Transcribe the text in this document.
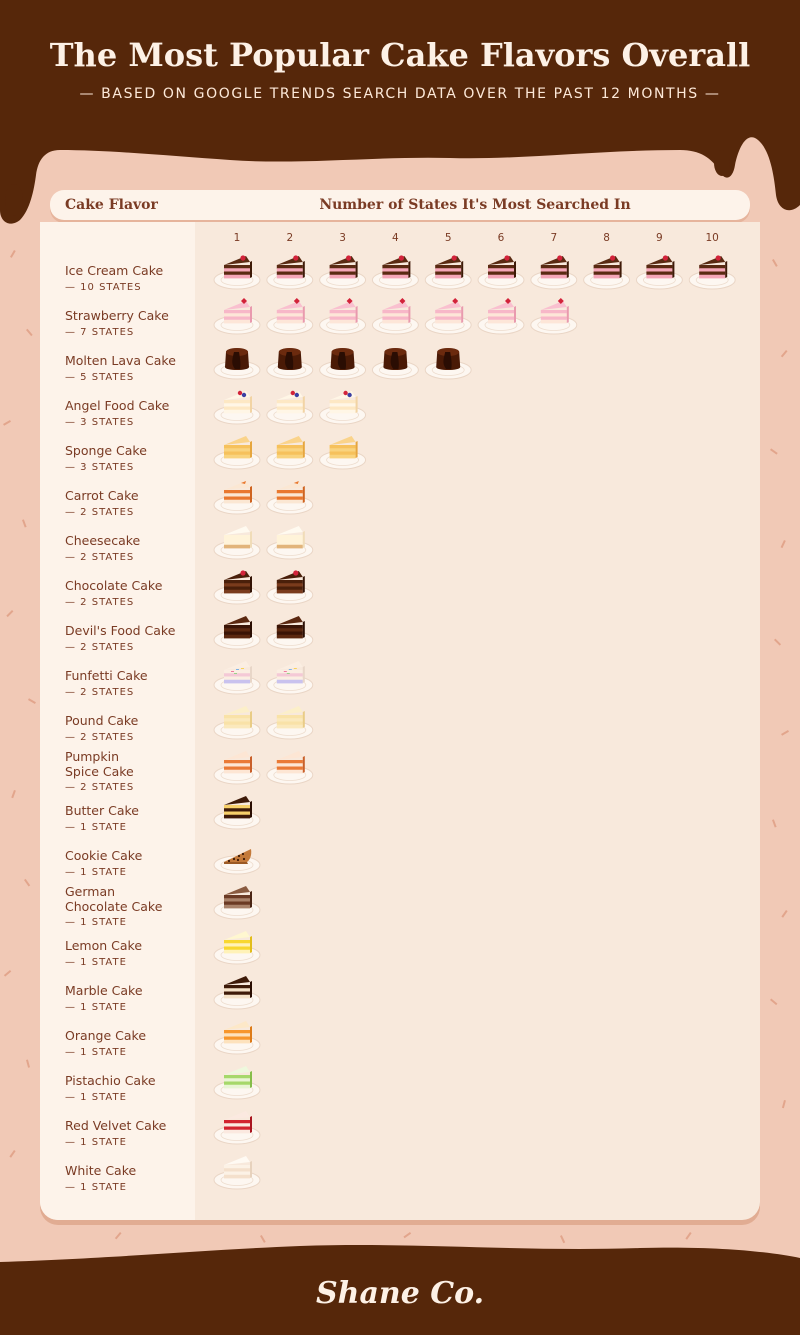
The Most Popular Cake Flavors Overall
— BASED ON GOOGLE TRENDS SEARCH DATA OVER THE PAST 12 MONTHS —
Cake Flavor	Number of States It's Most Searched In
1	2	3	4	5	6	7	8	9	10
Ice Cream Cake
— 10 STATES
Strawberry Cake
— 7 STATES
Molten Lava Cake
— 5 STATES
Angel Food Cake
— 3 STATES
Sponge Cake
— 3 STATES
Carrot Cake
— 2 STATES
Cheesecake
— 2 STATES
Chocolate Cake
— 2 STATES
Devil's Food Cake
— 2 STATES
Funfetti Cake
— 2 STATES
Pound Cake
— 2 STATES
Pumpkin
Spice Cake
— 2 STATES
Butter Cake
— 1 STATE
Cookie Cake
— 1 STATE
German
Chocolate Cake
— 1 STATE
Lemon Cake
— 1 STATE
Marble Cake
— 1 STATE
Orange Cake
— 1 STATE
Pistachio Cake
— 1 STATE
Red Velvet Cake
— 1 STATE
White Cake
— 1 STATE
Shane Co.
